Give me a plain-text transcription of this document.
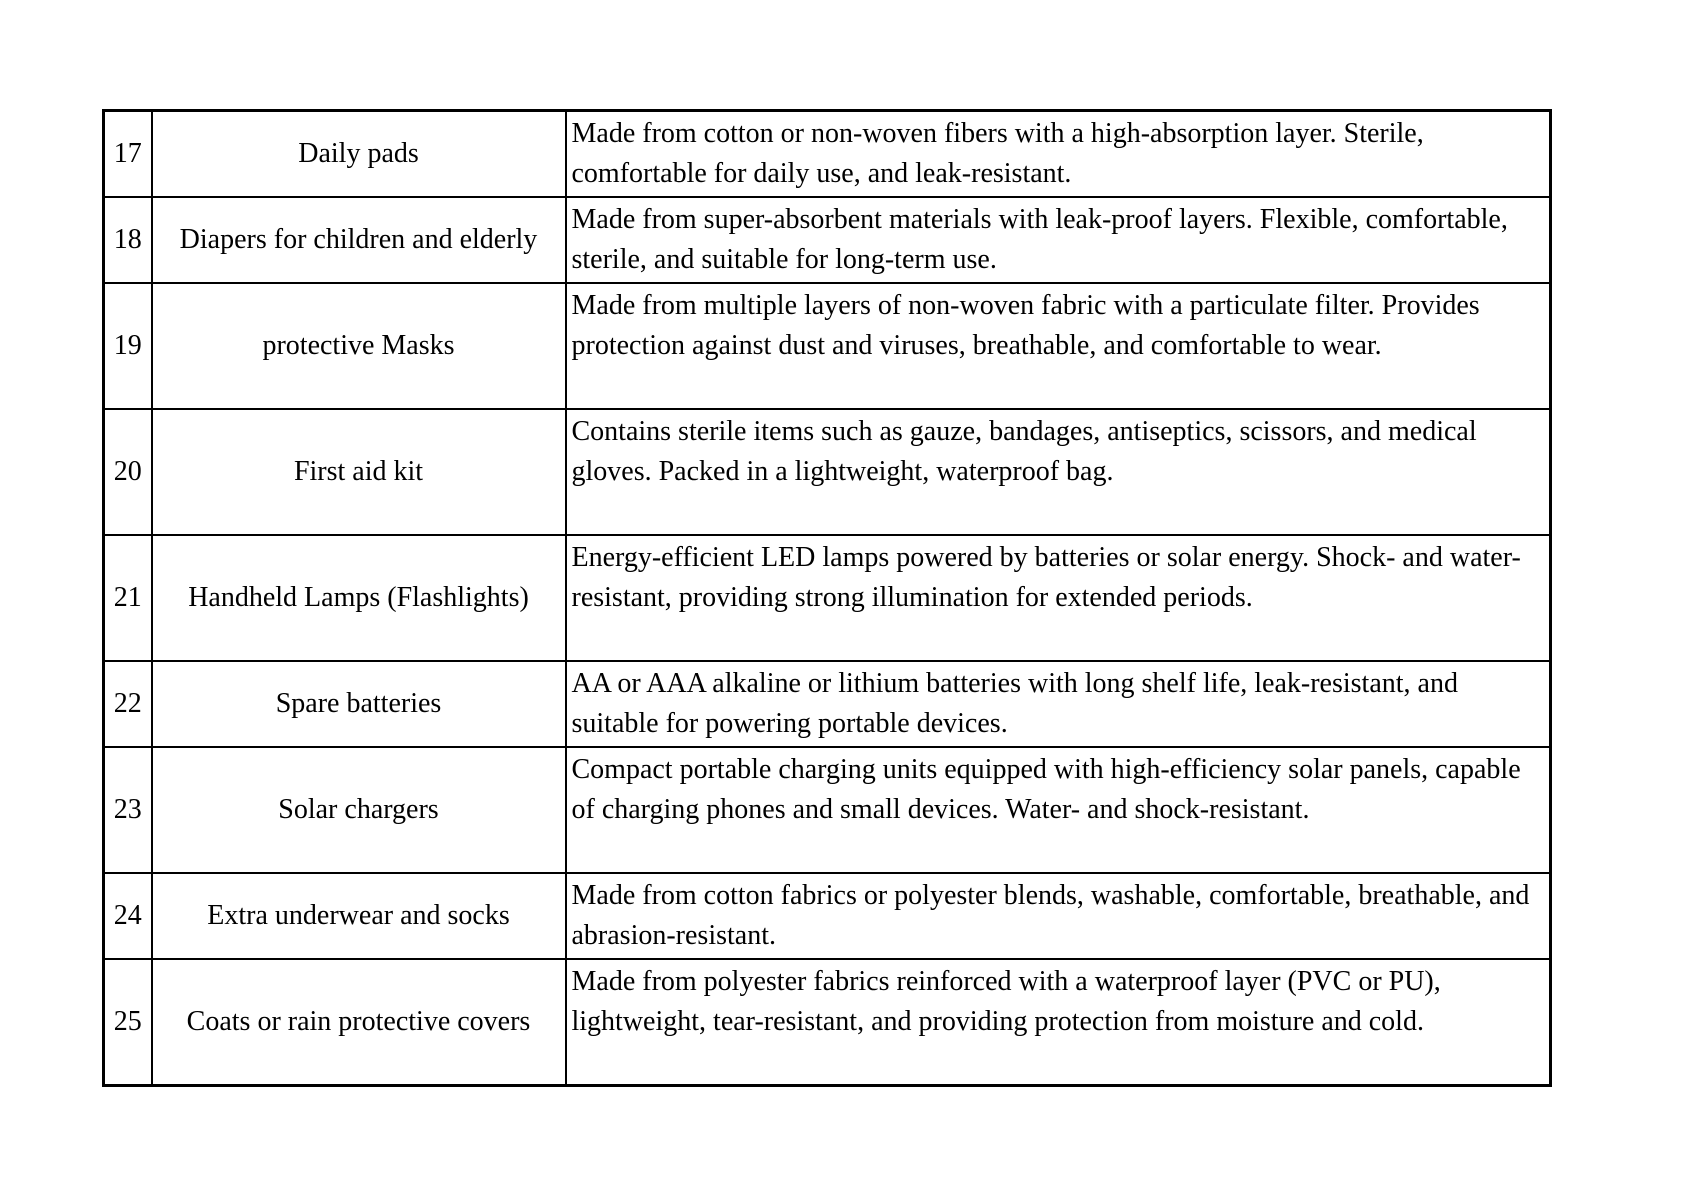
17	Daily pads	Made from cotton or non-woven fibers with a high-absorption layer. Sterile, comfortable for daily use, and leak-resistant.
18	Diapers for children and elderly	Made from super-absorbent materials with leak-proof layers. Flexible, comfortable, sterile, and suitable for long-term use.
19	protective Masks	Made from multiple layers of non-woven fabric with a particulate filter. Provides protection against dust and viruses, breathable, and comfortable to wear.
20	First aid kit	Contains sterile items such as gauze, bandages, antiseptics, scissors, and medical gloves. Packed in a lightweight, waterproof bag.
21	Handheld Lamps (Flashlights)	Energy-efficient LED lamps powered by batteries or solar energy. Shock- and water-resistant, providing strong illumination for extended periods.
22	Spare batteries	AA or AAA alkaline or lithium batteries with long shelf life, leak-resistant, and suitable for powering portable devices.
23	Solar chargers	Compact portable charging units equipped with high-efficiency solar panels, capable of charging phones and small devices. Water- and shock-resistant.
24	Extra underwear and socks	Made from cotton fabrics or polyester blends, washable, comfortable, breathable, and abrasion-resistant.
25	Coats or rain protective covers	Made from polyester fabrics reinforced with a waterproof layer (PVC or PU), lightweight, tear-resistant, and providing protection from moisture and cold.
